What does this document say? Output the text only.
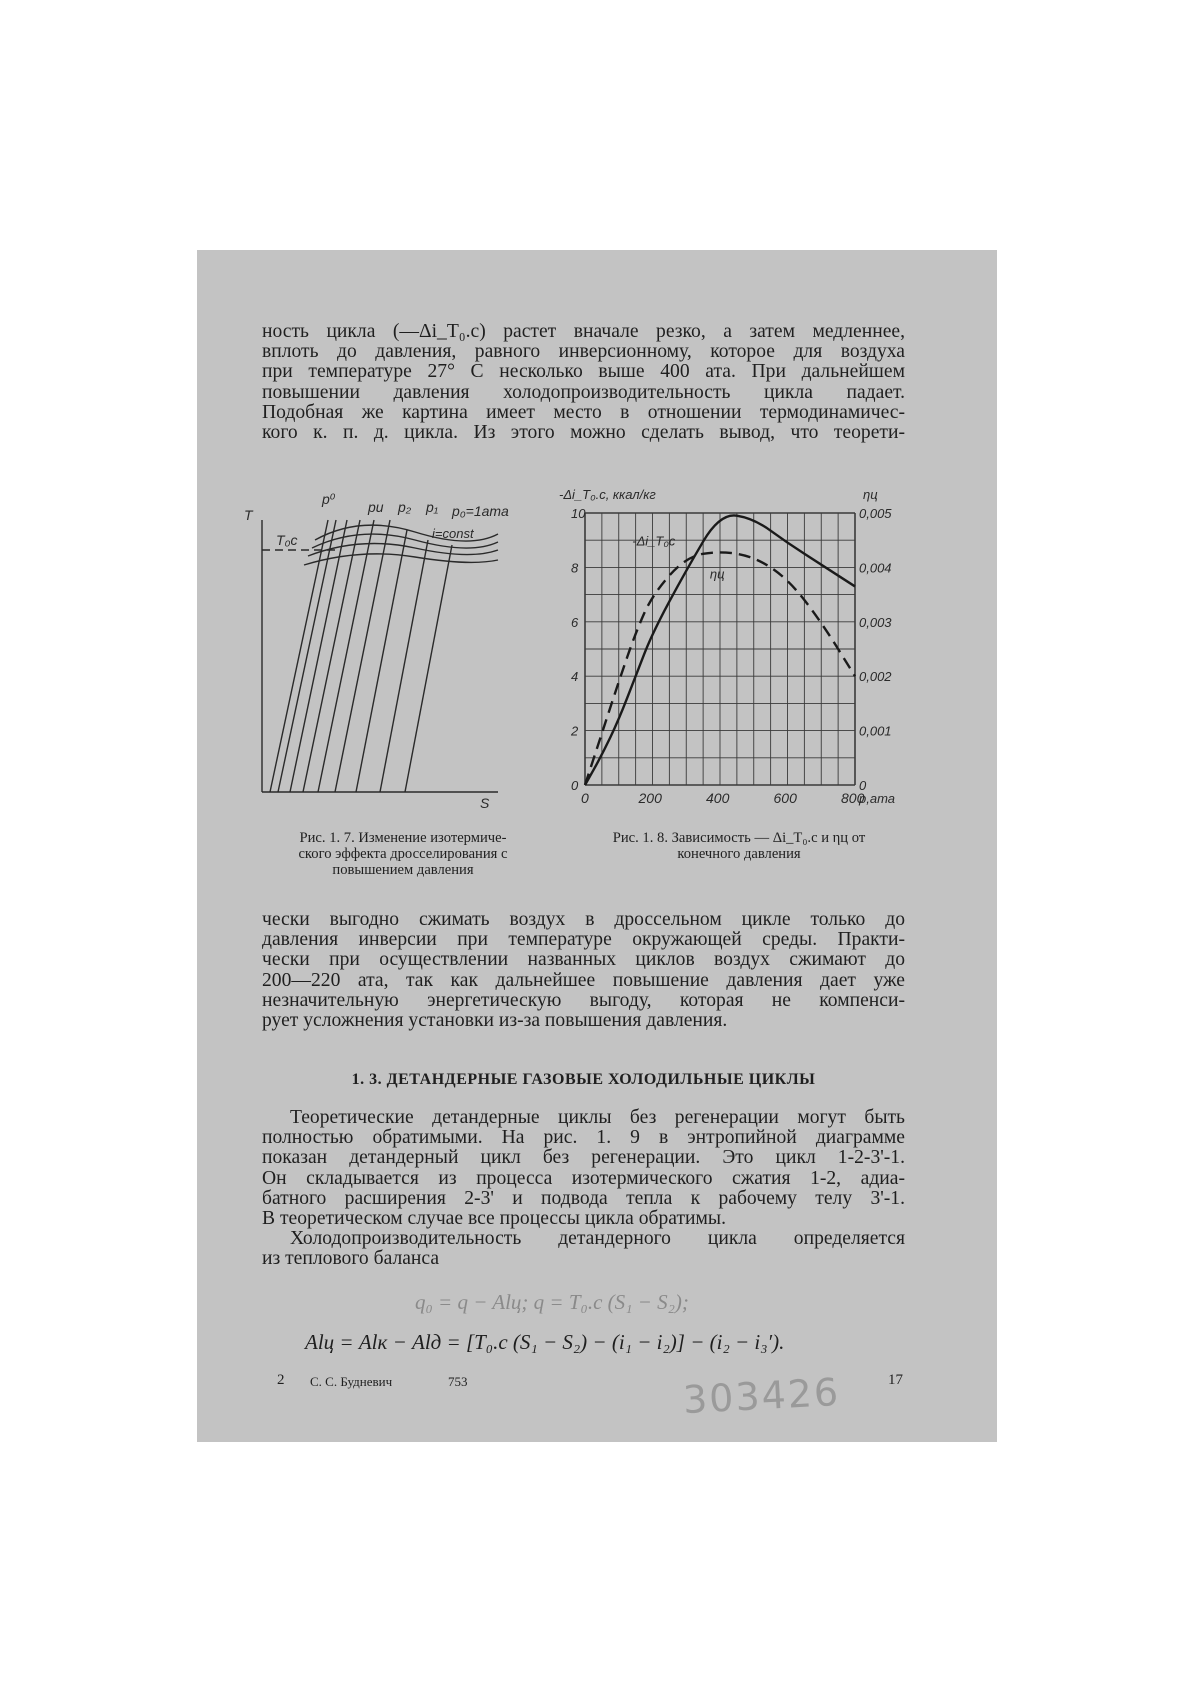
ность цикла (—Δi_T₀.с) растет вначале резко, а затем медленнее,
вплоть до давления, равного инверсионному, которое для воздуха
при температуре 27° С несколько выше 400 ата. При дальнейшем
повышении давления холодопроизводительность цикла падает.
Подобная же картина имеет место в отношении термодинамичес-
кого к. п. д. цикла. Из этого можно сделать вывод, что теорети-
T
S
T₀c
p⁰ pи p₂ p₁ p₀=1ата
i=const
Рис. 1. 7. Изменение изотермиче-
ского эффекта дросселирования с
повышением давления
0	200	400	600	800
0
2
4
6
8
10
0
0,001
0,002
0,003
0,004
0,005
p,ата
-Δi_T₀.с, ккал/кг	ηц
-Δi_T₀c
ηц
Рис. 1. 8. Зависимость — Δi_T₀.с и ηц от
конечного давления
чески выгодно сжимать воздух в дроссельном цикле только до
давления инверсии при температуре окружающей среды. Практи-
чески при осуществлении названных циклов воздух сжимают до
200—220 ата, так как дальнейшее повышение давления дает уже
незначительную энергетическую выгоду, которая не компенси-
рует усложнения установки из-за повышения давления.
1. 3. ДЕТАНДЕРНЫЕ ГАЗОВЫЕ ХОЛОДИЛЬНЫЕ ЦИКЛЫ
Теоретические детандерные циклы без регенерации могут быть
полностью обратимыми. На рис. 1. 9 в энтропийной диаграмме
показан детандерный цикл без регенерации. Это цикл 1-2-3'-1.
Он складывается из процесса изотермического сжатия 1-2, адиа-
батного расширения 2-3' и подвода тепла к рабочему телу 3'-1.
В теоретическом случае все процессы цикла обратимы.
Холодопроизводительность детандерного цикла определяется
из теплового баланса
q₀ = q − Alц; q = T₀.с (S₁ − S₂);
Alц = Alк − Alд = [T₀.с (S₁ − S₂) − (i₁ − i₂)] − (i₂ − i₃′).
2 С. С. Будневич	753	17
303426
